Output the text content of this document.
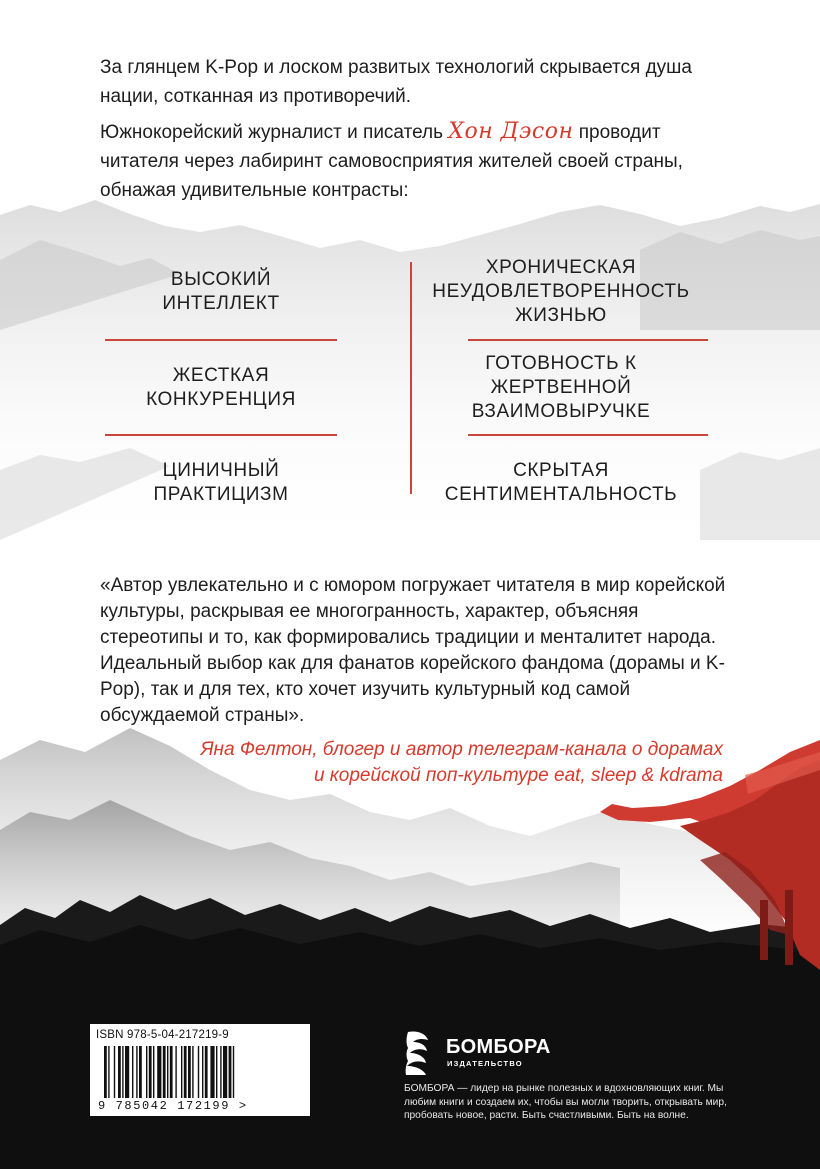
За глянцем K-Pop и лоском развитых технологий скрывается душа нации, сотканная из противоречий.

Южнокорейский журналист и писатель Хон Дэсон проводит читателя через лабиринт самовосприятия жителей своей страны, обнажая удивительные контрасты:

ВЫСОКИЙ ИНТЕЛЛЕКТ
ЖЕСТКАЯ КОНКУРЕНЦИЯ
ЦИНИЧНЫЙ ПРАКТИЦИЗМ
ХРОНИЧЕСКАЯ НЕУДОВЛЕТВОРЕННОСТЬ ЖИЗНЬЮ
ГОТОВНОСТЬ К ЖЕРТВЕННОЙ ВЗАИМОВЫРУЧКЕ
СКРЫТАЯ СЕНТИМЕНТАЛЬНОСТЬ

«Автор увлекательно и с юмором погружает читателя в мир корейской культуры, раскрывая ее многогранность, характер, объясняя стереотипы и то, как формировались традиции и менталитет народа. Идеальный выбор как для фанатов корейского фандома (дорамы и K-Pop), так и для тех, кто хочет изучить культурный код самой обсуждаемой страны».

Яна Фелтон, блогер и автор телеграм-канала о дорамах
и корейской поп-культуре eat, sleep & kdrama
ISBN 978-5-04-217219-9
9 785042 172199 >
БОМБОРА
ИЗДАТЕЛЬСТВО
БОМБОРА — лидер на рынке полезных и вдохновляющих книг. Мы любим книги и создаем их, чтобы вы могли творить, открывать мир, пробовать новое, расти. Быть счастливыми. Быть на волне.
